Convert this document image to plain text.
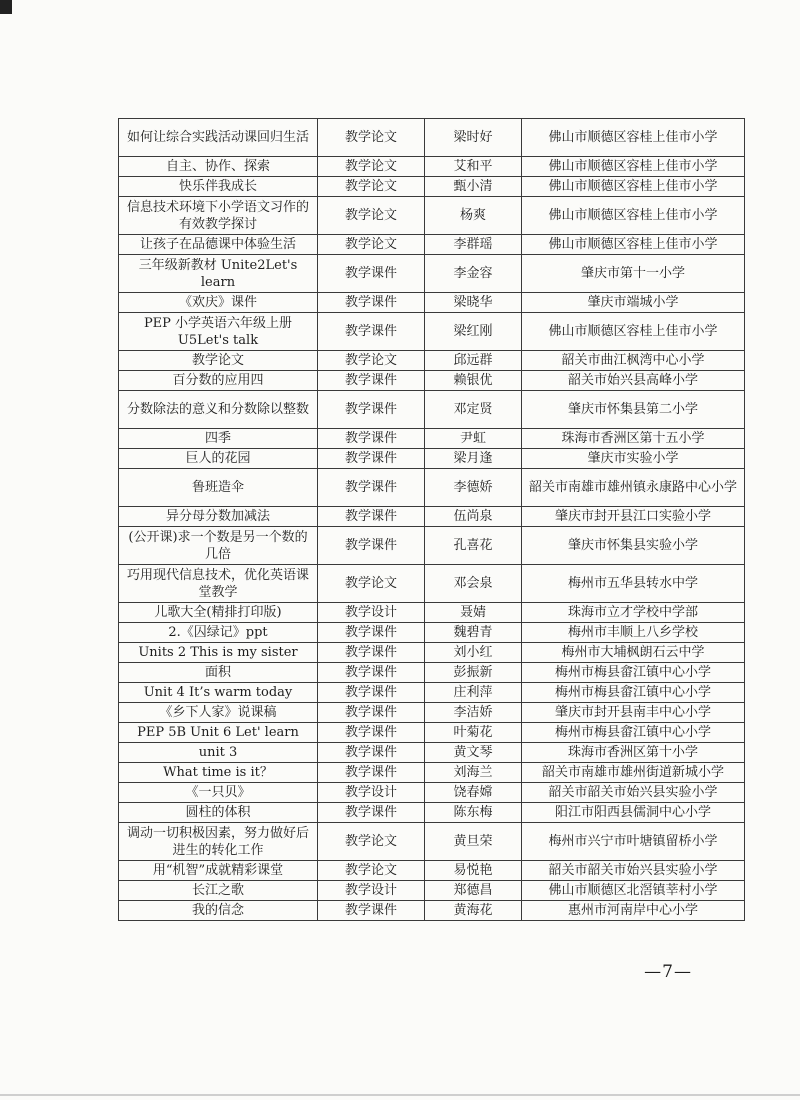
如何让综合实践活动课回归生活	教学论文	梁时好	佛山市顺德区容桂上佳市小学
自主、协作、探索	教学论文	艾和平	佛山市顺德区容桂上佳市小学
快乐伴我成长	教学论文	甄小清	佛山市顺德区容桂上佳市小学
信息技术环境下小学语文习作的有效教学探讨	教学论文	杨爽	佛山市顺德区容桂上佳市小学
让孩子在品德课中体验生活	教学论文	李群瑶	佛山市顺德区容桂上佳市小学
三年级新教材 Unite2Let's learn	教学课件	李金容	肇庆市第十一小学
《欢庆》课件	教学课件	梁晓华	肇庆市端城小学
PEP 小学英语六年级上册 U5Let's talk	教学课件	梁红刚	佛山市顺德区容桂上佳市小学
教学论文	教学论文	邱远群	韶关市曲江枫湾中心小学
百分数的应用四	教学课件	赖银优	韶关市始兴县高峰小学
分数除法的意义和分数除以整数	教学课件	邓定贤	肇庆市怀集县第二小学
四季	教学课件	尹虹	珠海市香洲区第十五小学
巨人的花园	教学课件	梁月逢	肇庆市实验小学
鲁班造伞	教学课件	李德娇	韶关市南雄市雄州镇永康路中心小学
异分母分数加减法	教学课件	伍尚泉	肇庆市封开县江口实验小学
(公开课)求一个数是另一个数的几倍	教学课件	孔喜花	肇庆市怀集县实验小学
巧用现代信息技术，优化英语课堂教学	教学论文	邓会泉	梅州市五华县转水中学
儿歌大全(精排打印版)	教学设计	聂婧	珠海市立才学校中学部
2.《囚绿记》ppt	教学课件	魏碧青	梅州市丰顺上八乡学校
Units 2 This is my sister	教学课件	刘小红	梅州市大埔枫朗石云中学
面积	教学课件	彭振新	梅州市梅县畲江镇中心小学
Unit 4 It’s warm today	教学课件	庄利萍	梅州市梅县畲江镇中心小学
《乡下人家》说课稿	教学课件	李洁娇	肇庆市封开县南丰中心小学
PEP 5B Unit 6 Let' learn	教学课件	叶菊花	梅州市梅县畲江镇中心小学
unit 3	教学课件	黄文琴	珠海市香洲区第十小学
What time is it？	教学课件	刘海兰	韶关市南雄市雄州街道新城小学
《一只贝》	教学设计	饶春嫦	韶关市韶关市始兴县实验小学
圆柱的体积	教学课件	陈东梅	阳江市阳西县儒洞中心小学
调动一切积极因素，努力做好后进生的转化工作	教学论文	黄旦荣	梅州市兴宁市叶塘镇留桥小学
用“机智”成就精彩课堂	教学论文	易悦艳	韶关市韶关市始兴县实验小学
长江之歌	教学设计	郑德昌	佛山市顺德区北滘镇莘村小学
我的信念	教学课件	黄海花	惠州市河南岸中心小学
—7—
